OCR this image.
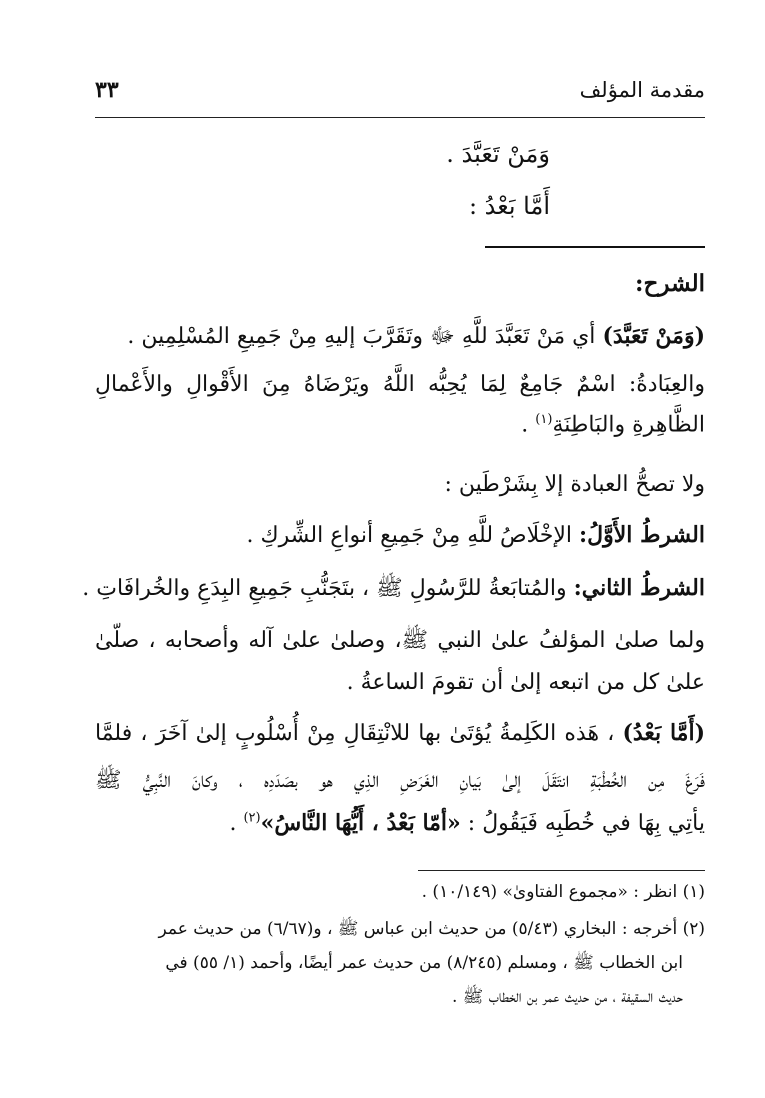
مقدمة المؤلف
٣٣
وَمَنْ تَعَبَّدَ .
أَمَّا بَعْدُ :
الشرح:
(وَمَنْ تَعَبَّدَ) أي مَنْ تَعَبَّدَ للَّهِ ﷻ وتَقَرَّبَ إليهِ مِنْ جَمِيعِ المُسْلِمِين .
والعِبَادةُ: اسْمٌ جَامِعٌ لِمَا يُحِبُّه اللَّهُ ويَرْضَاهُ مِنَ الأَقْوالِ والأَعْمالِ
الظَّاهِرةِ والبَاطِنَةِ$^{(١)}$ .
ولا تصحُّ العبادة إلا بِشَرْطَين :
الشرطُ الأَوَّلُ: الإخْلَاصُ للَّهِ مِنْ جَمِيعِ أنواعِ الشِّركِ .
الشرطُ الثاني: والمُتابَعةُ للرَّسُولِ ﷺ ، بتَجَنُّبِ جَمِيعِ البِدَعِ والخُرافَاتِ .
ولما صلىٰ المؤلفُ علىٰ النبي ﷺ، وصلىٰ علىٰ آله وأصحابه ، صلّىٰ
علىٰ كل من اتبعه إلىٰ أن تقومَ الساعةُ .
(أَمَّا بَعْدُ) ، هَذه الكَلِمةُ يُؤتَىٰ بها للانْتِقَالِ مِنْ أُسْلُوبٍ إلىٰ آخَرَ ، فلمَّا
فَرَغَ مِن الخُطْبَةِ انتَقَلَ إلىٰ بَيانِ الغَرَضِ الذِي هو بصَدَدِه ، وكانَ النَّبِيُّ ﷺ
يأتِي بِهَا في خُطَبِه فَيَقُولُ : «أمّا بَعْدُ ، أَيُّهَا النَّاسُ»$^{(٢)}$ .
(١) انظر : «مجموع الفتاوىٰ» (١٠/١٤٩) .
(٢) أخرجه : البخاري (٥/٤٣) من حديث ابن عباس ﷺ ، و(٦/٦٧) من حديث عمر
ابن الخطاب ﷺ ، ومسلم (٨/٢٤٥) من حديث عمر أيضًا، وأحمد (١/ ٥٥) في
حديث السقيفة ، من حديث عمر بن الخطاب ﷺ .
